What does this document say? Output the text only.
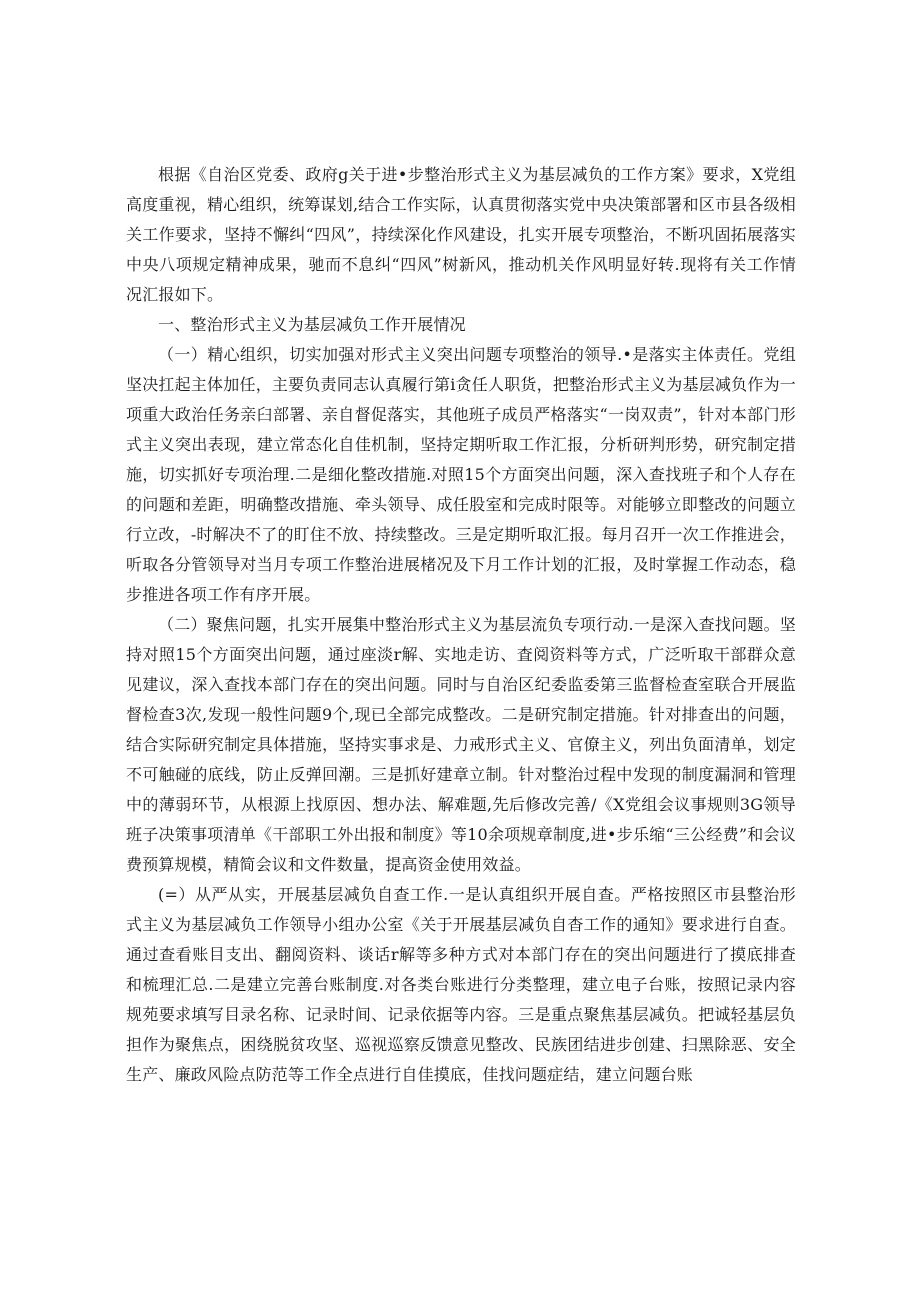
根据《自治区党委、政府g关于进•步整治形式主义为基层减负的工作方案》要求，X党组高度重视，精心组织，统筹谋划,结合工作实际，认真贯彻落实党中央决策部署和区市县各级相关工作要求，坚持不懈纠“四风”，持续深化作风建设，扎实开展专项整治，不断巩固拓展落实中央八项规定精神成果，驰而不息纠“四风”树新风，推动机关作风明显好转.现将有关工作情况汇报如下。

一、整治形式主义为基层减负工作开展情况

（一）精心组织，切实加强对形式主义突出问题专项整治的领导.•是落实主体责任。党组坚决扛起主体加任，主要负责同志认真履行第i贪任人职货，把整治形式主义为基层减负作为一项重大政治任务亲臼部署、亲自督促落实，其他班子成员严格落实“一岗双责”，针对本部门形式主义突出表现，建立常态化自佳机制，坚持定期听取工作汇报，分析研判形势，研究制定措施，切实抓好专项治理.二是细化整改措施.对照15个方面突出问题，深入查找班子和个人存在的问题和差距，明确整改措施、牵头领导、成任股室和完成时限等。对能够立即整改的问题立行立改，-时解决不了的盯住不放、持续整改。三是定期听取汇报。每月召开一次工作推进会，听取各分管领导对当月专项工作整治进展楮况及下月工作计划的汇报，及时掌握工作动态，稳步推进各项工作有序开展。

（二）聚焦问题，扎实开展集中整治形式主义为基层流负专项行动.一是深入查找问题。坚持对照15个方面突出问题，通过座淡r解、实地走访、査阅资料等方式，广泛听取干部群众意见建议，深入查找本部门存在的突出问题。同时与自治区纪委监委第三监督检查室联合开展监督检查3次,发现一般性问题9个,现已全部完成整改。二是研究制定措施。针对排查出的问题，结合实际研究制定具体措施，坚持实事求是、力戒形式主义、官僚主义，列出负面清单，划定不可触碰的底线，防止反弹回潮。三是抓好建章立制。针对整治过程中发现的制度漏洞和管理中的薄弱环节，从根源上找原因、想办法、解难题,先后修改完善/《X党组会议事规则3G领导班子决策事项清单《干部职工外出报和制度》等10余项规章制度,进•步乐缩“三公经费”和会议费预算规模，精简会议和文件数量，提高资金使用效益。

(=）从严从实，开展基层减负自查工作.一是认真组织开展自查。严格按照区市县整治形式主义为基层减负工作领导小组办公室《关于开展基层减负自杳工作的通知》要求进行自查。通过查看账目支出、翻阅资料、谈话r解等多种方式对本部门存在的突出问题进行了摸底排查和梳理汇总.二是建立完善台账制度.对各类台账进行分类整理，建立电子台账，按照记录内容规苑要求填写目录名称、记录时间、记录依据等内容。三是重点聚焦基层减负。把诚轻基层负担作为聚焦点，困绕脱贫攻坚、巡视巡察反馈意见整改、民族团结进步创建、扫黑除恶、安全生产、廉政风险点防范等工作全点进行自佳摸底，佳找问题症结，建立问题台账
